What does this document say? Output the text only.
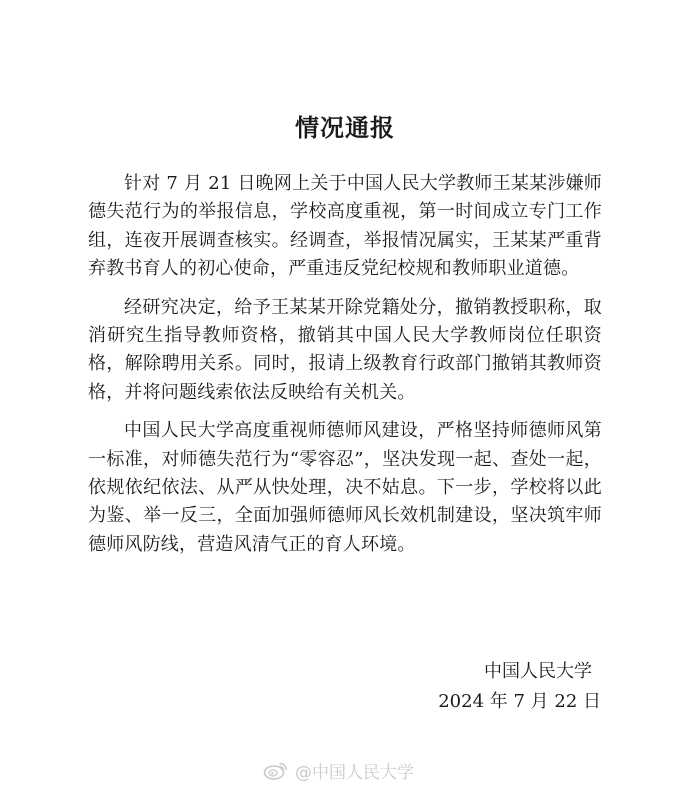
情况通报

针对 7 月 21 日晚网上关于中国人民大学教师王某某涉嫌师德失范行为的举报信息，学校高度重视，第一时间成立专门工作组，连夜开展调查核实。经调查，举报情况属实，王某某严重背弃教书育人的初心使命，严重违反党纪校规和教师职业道德。

经研究决定，给予王某某开除党籍处分，撤销教授职称，取消研究生指导教师资格，撤销其中国人民大学教师岗位任职资格，解除聘用关系。同时，报请上级教育行政部门撤销其教师资格，并将问题线索依法反映给有关机关。

中国人民大学高度重视师德师风建设，严格坚持师德师风第一标准，对师德失范行为“零容忍”，坚决发现一起、查处一起，依规依纪依法、从严从快处理，决不姑息。下一步，学校将以此为鉴、举一反三，全面加强师德师风长效机制建设，坚决筑牢师德师风防线，营造风清气正的育人环境。

中国人民大学
2024 年 7 月 22 日
@中国人民大学
